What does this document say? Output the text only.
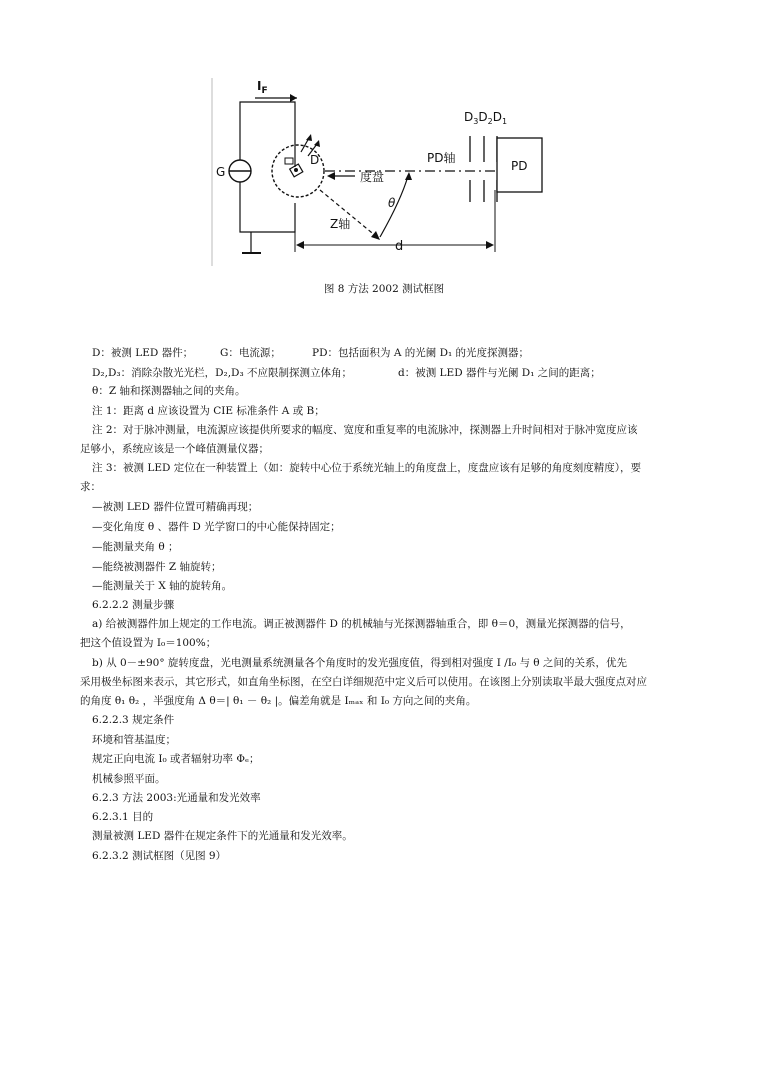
$I_F$
G
D	PD轴
度盘
Z轴
θ
d
$D_3D_2D_1$
PD
图 8 方法 2002 测试框图
D：被测 LED 器件；	G：电流源；	PD：包括面积为 A 的光阑 D₁ 的光度探测器；
D₂,D₃：消除杂散光光栏，D₂,D₃ 不应限制探测立体角；	d：被测 LED 器件与光阑 D₁ 之间的距离；
θ：Z 轴和探测器轴之间的夹角。
注 1：距离 d 应该设置为 CIE 标准条件 A 或 B；
注 2：对于脉冲测量，电流源应该提供所要求的幅度、宽度和重复率的电流脉冲，探测器上升时间相对于脉冲宽度应该
足够小，系统应该是一个峰值测量仪器；
注 3：被测 LED 定位在一种装置上（如：旋转中心位于系统光轴上的角度盘上，度盘应该有足够的角度刻度精度），要
求：
—被测 LED 器件位置可精确再现；
—变化角度 θ 、器件 D 光学窗口的中心能保持固定；
—能测量夹角 θ ；
—能绕被测器件 Z 轴旋转；
—能测量关于 X 轴的旋转角。
6.2.2.2 测量步骤
a) 给被测器件加上规定的工作电流。调正被测器件 D 的机械轴与光探测器轴重合，即 θ＝0，测量光探测器的信号，
把这个值设置为 I₀＝100%；
b) 从 0－±90° 旋转度盘，光电测量系统测量各个角度时的发光强度值，得到相对强度 I /I₀ 与 θ 之间的关系，优先
采用极坐标图来表示，其它形式，如直角坐标图，在空白详细规范中定义后可以使用。在该图上分别读取半最大强度点对应
的角度 θ₁ θ₂ ，半强度角 Δ θ＝| θ₁ － θ₂ |。偏差角就是 Iₘₐₓ 和 I₀ 方向之间的夹角。
6.2.2.3 规定条件
环境和管基温度；
规定正向电流 I₀ 或者辐射功率 Φₑ；
机械参照平面。
6.2.3 方法 2003:光通量和发光效率
6.2.3.1 目的
测量被测 LED 器件在规定条件下的光通量和发光效率。
6.2.3.2 测试框图（见图 9）
